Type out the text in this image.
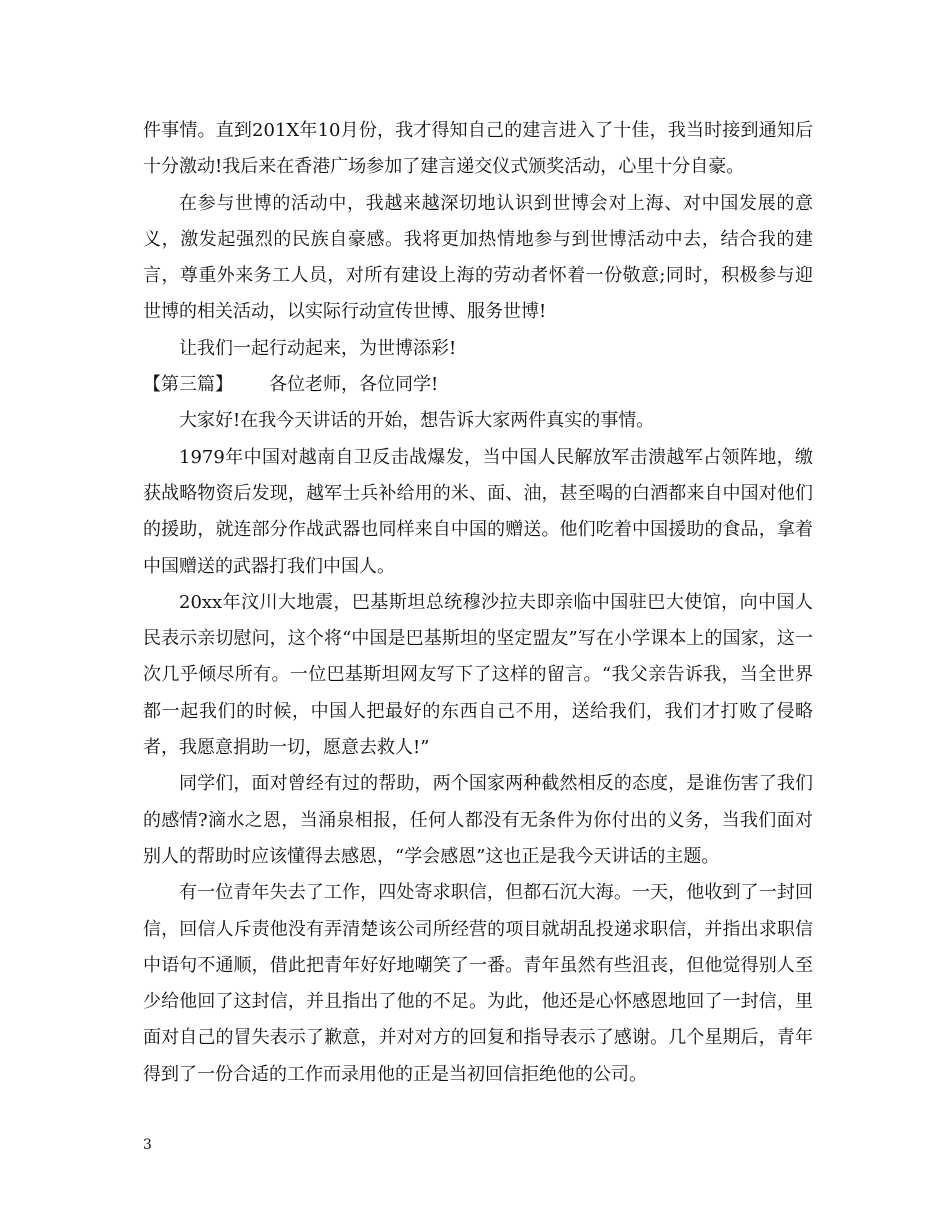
件事情。直到201X年10月份，我才得知自己的建言进入了十佳，我当时接到通知后十分激动!我后来在香港广场参加了建言递交仪式颁奖活动，心里十分自豪。

在参与世博的活动中，我越来越深切地认识到世博会对上海、对中国发展的意义，激发起强烈的民族自豪感。我将更加热情地参与到世博活动中去，结合我的建言，尊重外来务工人员，对所有建设上海的劳动者怀着一份敬意;同时，积极参与迎世博的相关活动，以实际行动宣传世博、服务世博!

让我们一起行动起来，为世博添彩!

【第三篇】 各位老师，各位同学!

大家好!在我今天讲话的开始，想告诉大家两件真实的事情。

1979年中国对越南自卫反击战爆发，当中国人民解放军击溃越军占领阵地，缴获战略物资后发现，越军士兵补给用的米、面、油，甚至喝的白酒都来自中国对他们的援助，就连部分作战武器也同样来自中国的赠送。他们吃着中国援助的食品，拿着中国赠送的武器打我们中国人。

20xx年汶川大地震，巴基斯坦总统穆沙拉夫即亲临中国驻巴大使馆，向中国人民表示亲切慰问，这个将“中国是巴基斯坦的坚定盟友”写在小学课本上的国家，这一次几乎倾尽所有。一位巴基斯坦网友写下了这样的留言。“我父亲告诉我，当全世界都一起我们的时候，中国人把最好的东西自己不用，送给我们，我们才打败了侵略者，我愿意捐助一切，愿意去救人!”

同学们，面对曾经有过的帮助，两个国家两种截然相反的态度，是谁伤害了我们的感情?滴水之恩，当涌泉相报，任何人都没有无条件为你付出的义务，当我们面对别人的帮助时应该懂得去感恩，“学会感恩”这也正是我今天讲话的主题。

有一位青年失去了工作，四处寄求职信，但都石沉大海。一天，他收到了一封回信，回信人斥责他没有弄清楚该公司所经营的项目就胡乱投递求职信，并指出求职信中语句不通顺，借此把青年好好地嘲笑了一番。青年虽然有些沮丧，但他觉得别人至少给他回了这封信，并且指出了他的不足。为此，他还是心怀感恩地回了一封信，里面对自己的冒失表示了歉意，并对对方的回复和指导表示了感谢。几个星期后，青年得到了一份合适的工作而录用他的正是当初回信拒绝他的公司。

3
